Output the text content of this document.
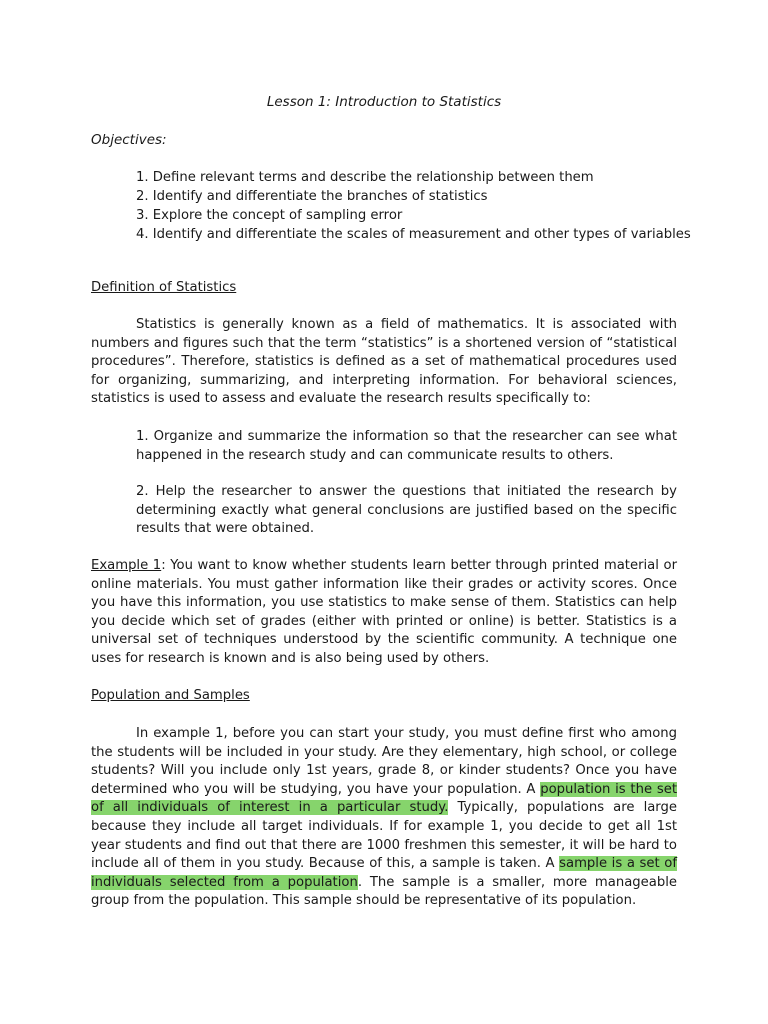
Lesson 1: Introduction to Statistics
Objectives:
1. Define relevant terms and describe the relationship between them
2. Identify and differentiate the branches of statistics
3. Explore the concept of sampling error
4. Identify and differentiate the scales of measurement and other types of variables
Definition of Statistics

Statistics is generally known as a field of mathematics. It is associated with numbers and figures such that the term “statistics” is a shortened version of “statistical procedures”. Therefore, statistics is defined as a set of mathematical procedures used for organizing, summarizing, and interpreting information. For behavioral sciences, statistics is used to assess and evaluate the research results specifically to:

1. Organize and summarize the information so that the researcher can see what happened in the research study and can communicate results to others.

2. Help the researcher to answer the questions that initiated the research by determining exactly what general conclusions are justified based on the specific results that were obtained.

Example 1: You want to know whether students learn better through printed material or online materials. You must gather information like their grades or activity scores. Once you have this information, you use statistics to make sense of them. Statistics can help you decide which set of grades (either with printed or online) is better. Statistics is a universal set of techniques understood by the scientific community. A technique one uses for research is known and is also being used by others.

Population and Samples

In example 1, before you can start your study, you must define first who among the students will be included in your study. Are they elementary, high school, or college students? Will you include only 1st years, grade 8, or kinder students? Once you have determined who you will be studying, you have your population. A population is the set of all individuals of interest in a particular study. Typically, populations are large because they include all target individuals. If for example 1, you decide to get all 1st year students and find out that there are 1000 freshmen this semester, it will be hard to include all of them in you study. Because of this, a sample is taken. A sample is a set of individuals selected from a population. The sample is a smaller, more manageable group from the population. This sample should be representative of its population.
